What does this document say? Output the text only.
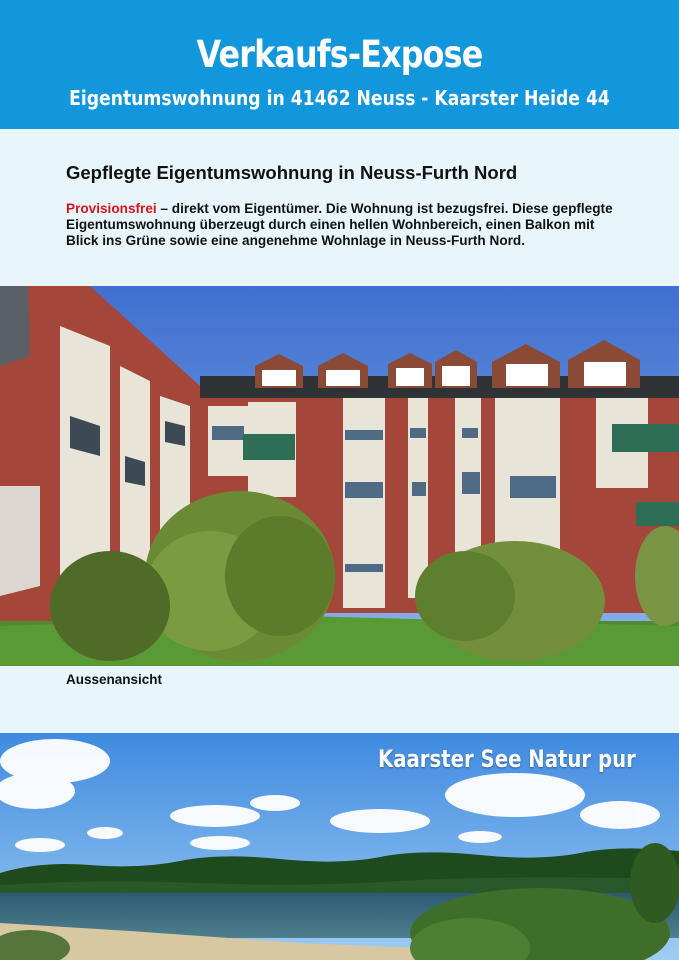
Verkaufs-Expose
Eigentumswohnung in 41462 Neuss - Kaarster Heide 44
Gepflegte Eigentumswohnung in Neuss-Furth Nord
Provisionsfrei – direkt vom Eigentümer. Die Wohnung ist bezugsfrei. Diese gepflegte Eigentumswohnung überzeugt durch einen hellen Wohnbereich, einen Balkon mit Blick ins Grüne sowie eine angenehme Wohnlage in Neuss-Furth Nord.
Aussenansicht
Kaarster See Natur pur
